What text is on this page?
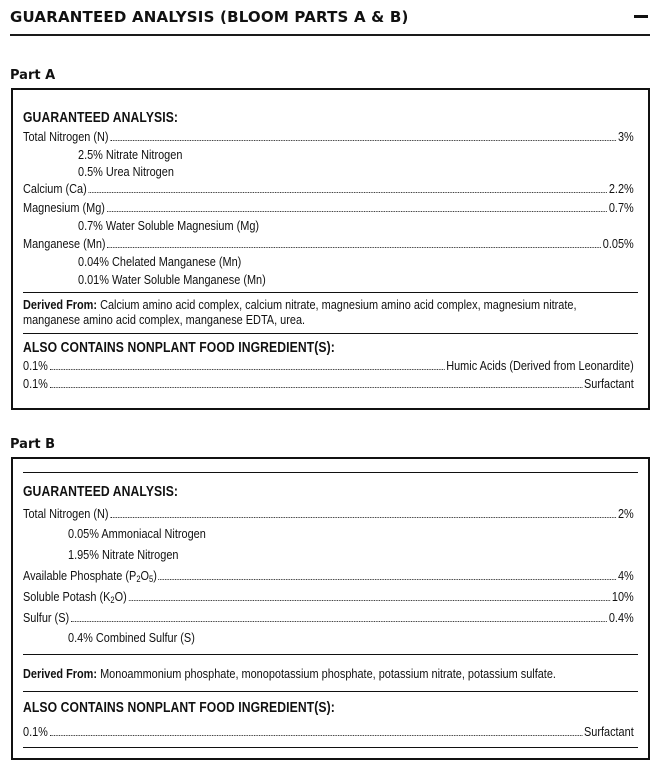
GUARANTEED ANALYSIS (BLOOM PARTS A & B)
Part A
GUARANTEED ANALYSIS:
Total Nitrogen (N)	3%
2.5% Nitrate Nitrogen
0.5% Urea Nitrogen
Calcium (Ca)	2.2%
Magnesium (Mg)	0.7%
0.7% Water Soluble Magnesium (Mg)
Manganese (Mn)	0.05%
0.04% Chelated Manganese (Mn)
0.01% Water Soluble Manganese (Mn)
Derived From: Calcium amino acid complex, calcium nitrate, magnesium amino acid complex, magnesium nitrate, manganese amino acid complex, manganese EDTA, urea.
ALSO CONTAINS NONPLANT FOOD INGREDIENT(S):
0.1%	Humic Acids (Derived from Leonardite)
0.1%	Surfactant
Part B
GUARANTEED ANALYSIS:
Total Nitrogen (N)	2%
0.05% Ammoniacal Nitrogen
1.95% Nitrate Nitrogen
Available Phosphate $(P_2O_5)$	4%
Soluble Potash $(K_2O)$	10%
Sulfur (S)	0.4%
0.4% Combined Sulfur (S)
Derived From: Monoammonium phosphate, monopotassium phosphate, potassium nitrate, potassium sulfate.
ALSO CONTAINS NONPLANT FOOD INGREDIENT(S):
0.1%	Surfactant
